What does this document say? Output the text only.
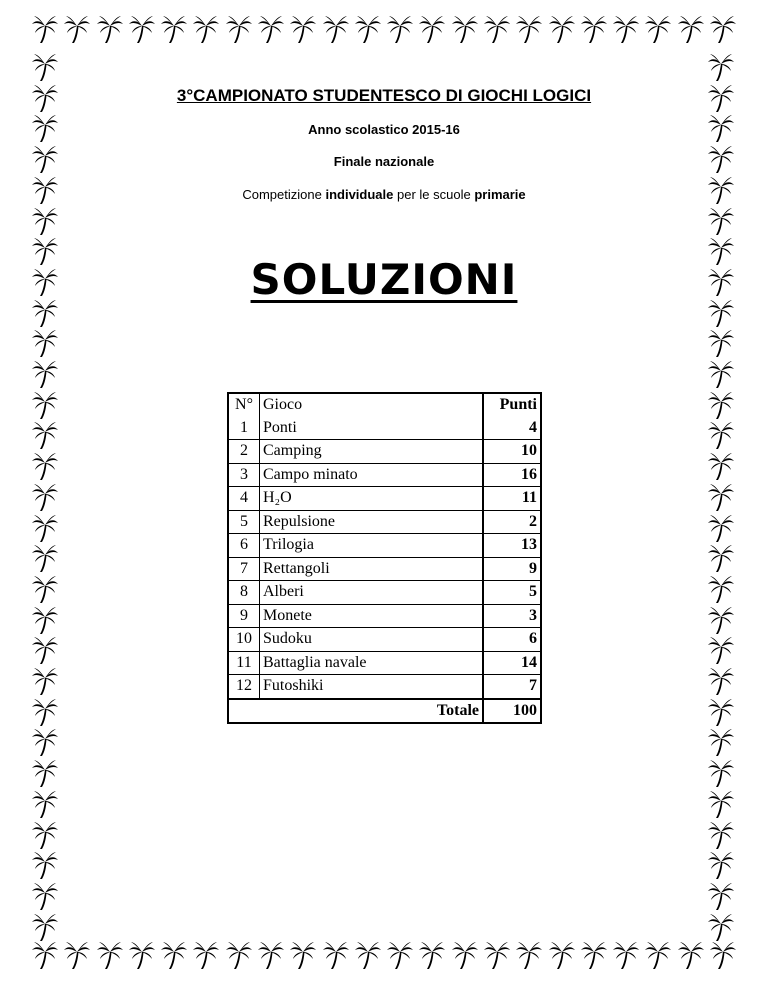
3°CAMPIONATO STUDENTESCO DI GIOCHI LOGICI
Anno scolastico 2015-16
Finale nazionale
Competizione individuale per le scuole primarie
SOLUZIONI
N°	Gioco	Punti
1	Ponti	4
2	Camping	10
3	Campo minato	16
4	H₂O	11
5	Repulsione	2
6	Trilogia	13
7	Rettangoli	9
8	Alberi	5
9	Monete	3
10	Sudoku	6
11	Battaglia navale	14
12	Futoshiki	7
Totale		100
